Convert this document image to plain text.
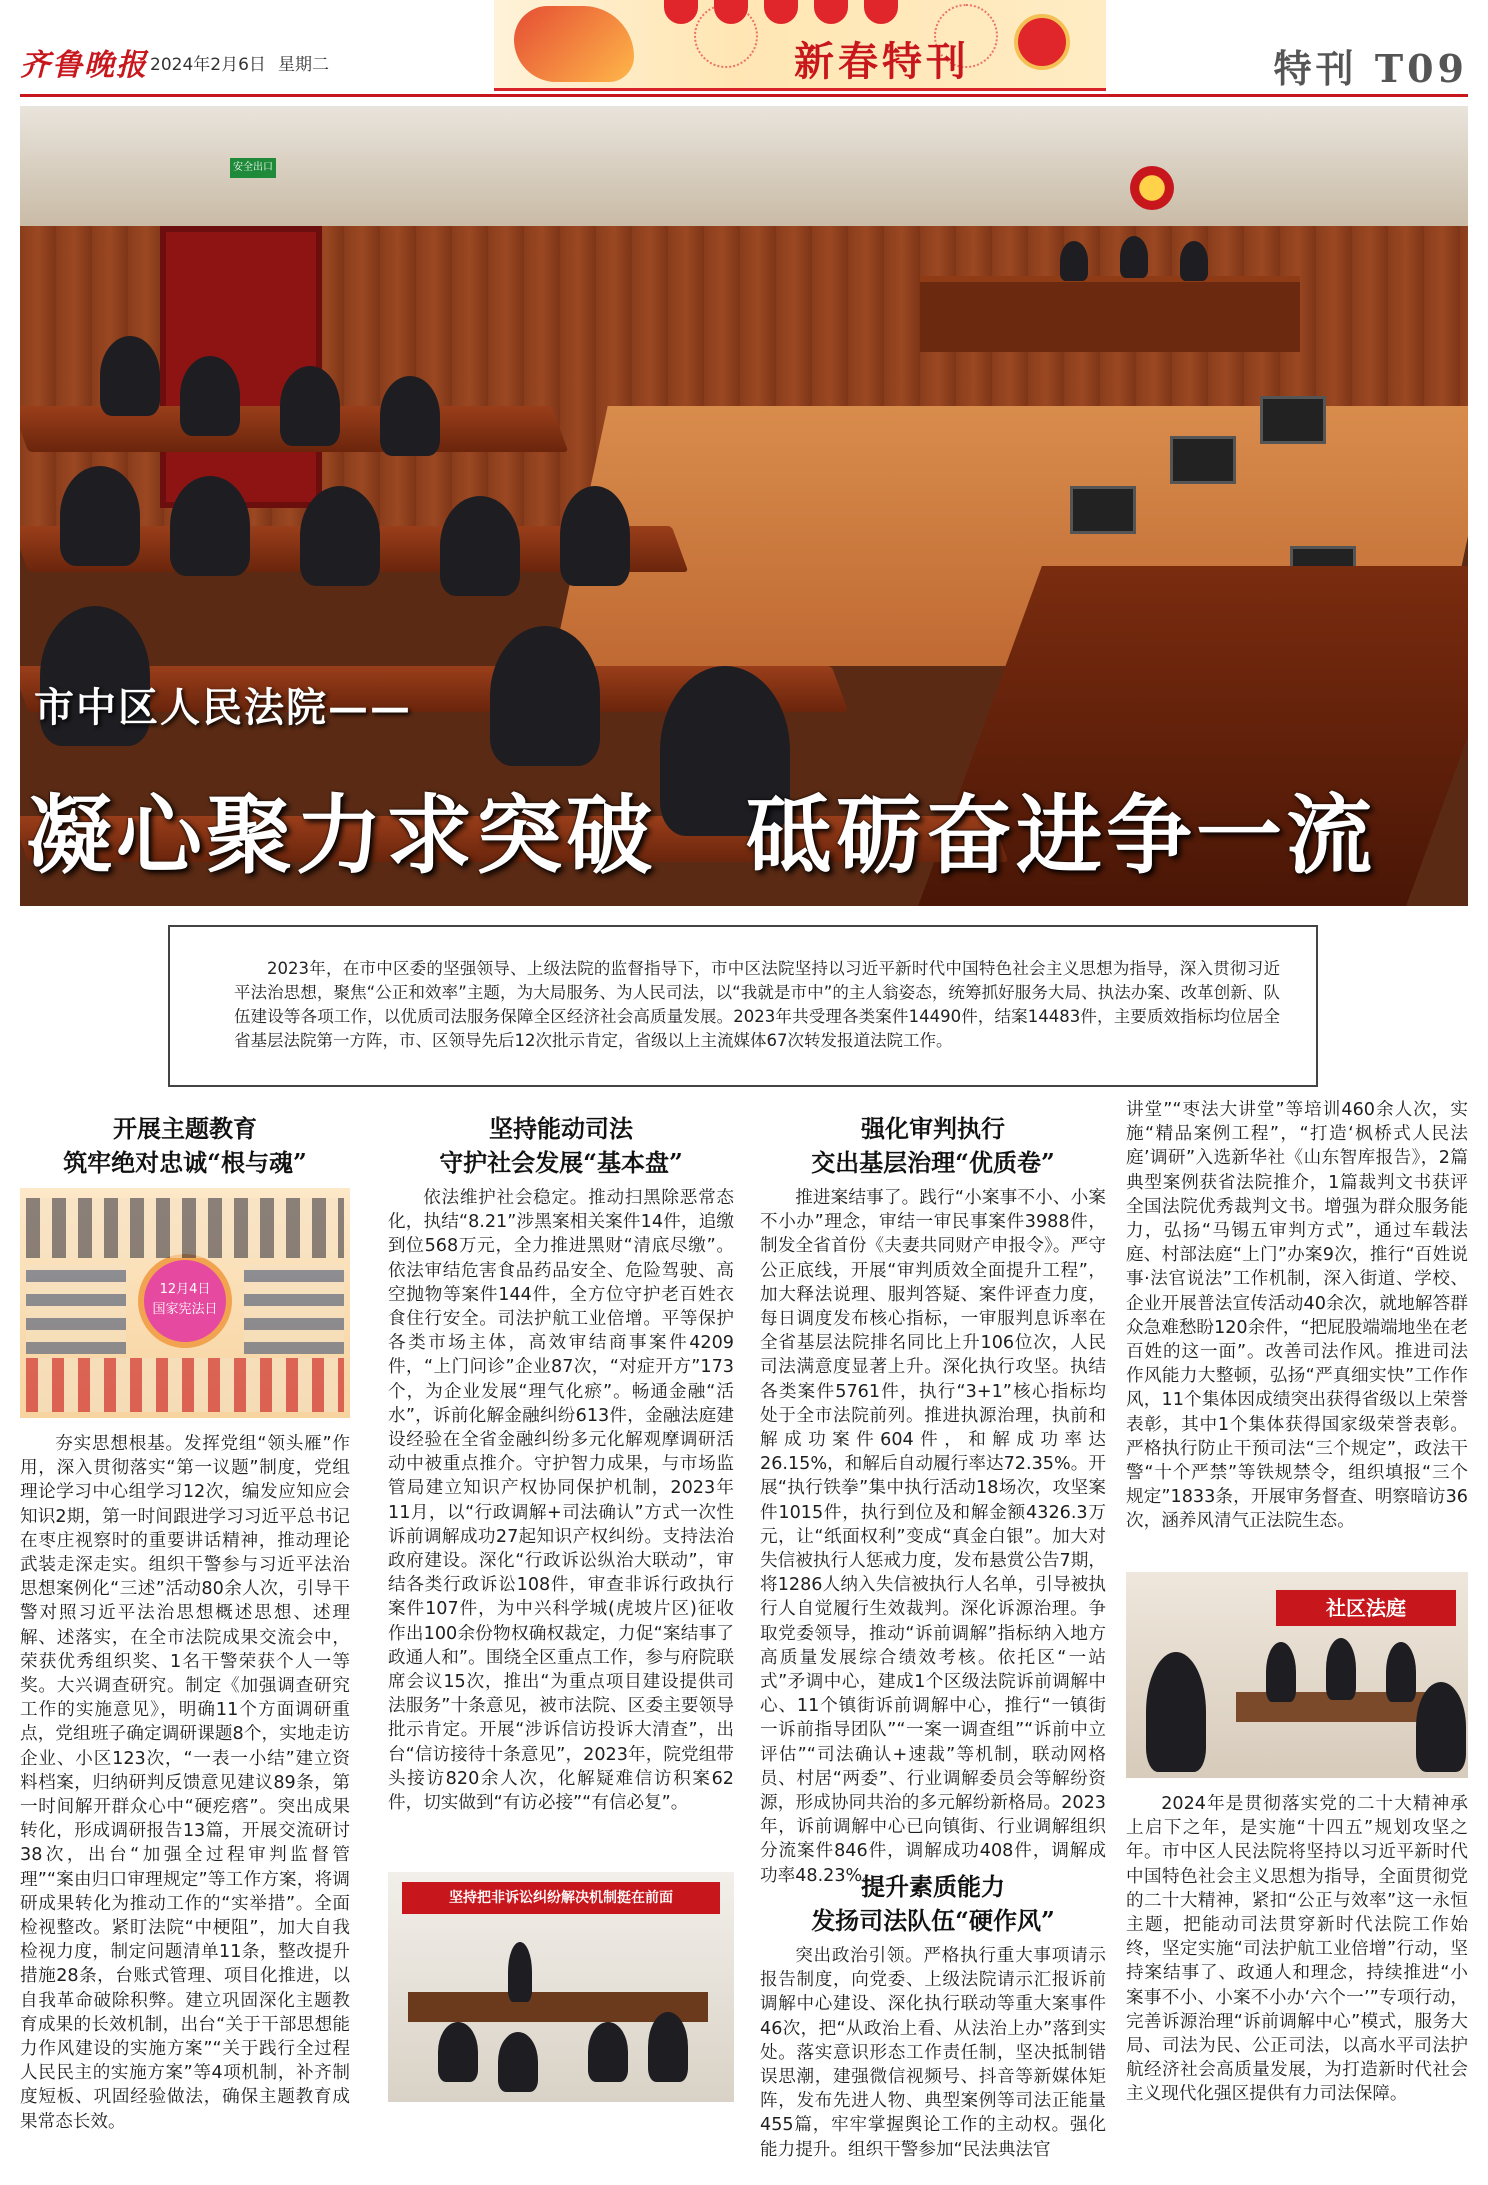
齐鲁晚报 2024年2月6日 星期二	新春特刊	特刊 T09
安全出口
市中区人民法院——
凝心聚力求突破　砥砺奋进争一流
2023年，在市中区委的坚强领导、上级法院的监督指导下，市中区法院坚持以习近平新时代中国特色社会主义思想为指导，深入贯彻习近平法治思想，聚焦“公正和效率”主题，为大局服务、为人民司法，以“我就是市中”的主人翁姿态，统筹抓好服务大局、执法办案、改革创新、队伍建设等各项工作，以优质司法服务保障全区经济社会高质量发展。2023年共受理各类案件14490件，结案14483件，主要质效指标均位居全省基层法院第一方阵，市、区领导先后12次批示肯定，省级以上主流媒体67次转发报道法院工作。
开展主题教育
筑牢绝对忠诚“根与魂”
12月4日
国家宪法日

夯实思想根基。发挥党组“领头雁”作用，深入贯彻落实“第一议题”制度，党组理论学习中心组学习12次，编发应知应会知识2期，第一时间跟进学习习近平总书记在枣庄视察时的重要讲话精神，推动理论武装走深走实。组织干警参与习近平法治思想案例化“三述”活动80余人次，引导干警对照习近平法治思想概述思想、述理解、述落实，在全市法院成果交流会中，荣获优秀组织奖、1名干警荣获个人一等奖。大兴调查研究。制定《加强调查研究工作的实施意见》，明确11个方面调研重点，党组班子确定调研课题8个，实地走访企业、小区123次，“一表一小结”建立资料档案，归纳研判反馈意见建议89条，第一时间解开群众心中“硬疙瘩”。突出成果转化，形成调研报告13篇，开展交流研讨38次，出台“加强全过程审判监督管理”“案由归口审理规定”等工作方案，将调研成果转化为推动工作的“实举措”。全面检视整改。紧盯法院“中梗阻”，加大自我检视力度，制定问题清单11条，整改提升措施28条，台账式管理、项目化推进，以自我革命破除积弊。建立巩固深化主题教育成果的长效机制，出台“关于干部思想能力作风建设的实施方案”“关于践行全过程人民民主的实施方案”等4项机制，补齐制度短板、巩固经验做法，确保主题教育成果常态长效。

坚持能动司法
守护社会发展“基本盘”

依法维护社会稳定。推动扫黑除恶常态化，执结“8.21”涉黑案相关案件14件，追缴到位568万元，全力推进黑财“清底尽缴”。依法审结危害食品药品安全、危险驾驶、高空抛物等案件144件，全方位守护老百姓衣食住行安全。司法护航工业倍增。平等保护各类市场主体，高效审结商事案件4209件，“上门问诊”企业87次，“对症开方”173个，为企业发展“理气化瘀”。畅通金融“活水”，诉前化解金融纠纷613件，金融法庭建设经验在全省金融纠纷多元化解观摩调研活动中被重点推介。守护智力成果，与市场监管局建立知识产权协同保护机制，2023年11月，以“行政调解+司法确认”方式一次性诉前调解成功27起知识产权纠纷。支持法治政府建设。深化“行政诉讼纵治大联动”，审结各类行政诉讼108件，审查非诉行政执行案件107件，为中兴科学城(虎坡片区)征收作出100余份物权确权裁定，力促“案结事了政通人和”。围绕全区重点工作，参与府院联席会议15次，推出“为重点项目建设提供司法服务”十条意见，被市法院、区委主要领导批示肯定。开展“涉诉信访投诉大清查”，出台“信访接待十条意见”，2023年，院党组带头接访820余人次，化解疑难信访积案62件，切实做到“有访必接”“有信必复”。

坚持把非诉讼纠纷解决机制挺在前面
强化审判执行
交出基层治理“优质卷”

推进案结事了。践行“小案事不小、小案不小办”理念，审结一审民事案件3988件，制发全省首份《夫妻共同财产申报令》。严守公正底线，开展“审判质效全面提升工程”，加大释法说理、服判答疑、案件评查力度，每日调度发布核心指标，一审服判息诉率在全省基层法院排名同比上升106位次，人民司法满意度显著上升。深化执行攻坚。执结各类案件5761件，执行“3+1”核心指标均处于全市法院前列。推进执源治理，执前和解成功案件604件，和解成功率达26.15%，和解后自动履行率达72.35%。开展“执行铁拳”集中执行活动18场次，攻坚案件1015件，执行到位及和解金额4326.3万元，让“纸面权利”变成“真金白银”。加大对失信被执行人惩戒力度，发布悬赏公告7期，将1286人纳入失信被执行人名单，引导被执行人自觉履行生效裁判。深化诉源治理。争取党委领导，推动“诉前调解”指标纳入地方高质量发展综合绩效考核。依托区“一站式”矛调中心，建成1个区级法院诉前调解中心、11个镇街诉前调解中心，推行“一镇街一诉前指导团队”“一案一调查组”“诉前中立评估”“司法确认+速裁”等机制，联动网格员、村居“两委”、行业调解委员会等解纷资源，形成协同共治的多元解纷新格局。2023年，诉前调解中心已向镇街、行业调解组织分流案件846件，调解成功408件，调解成功率48.23%。

提升素质能力
发扬司法队伍“硬作风”

突出政治引领。严格执行重大事项请示报告制度，向党委、上级法院请示汇报诉前调解中心建设、深化执行联动等重大案事件46次，把“从政治上看、从法治上办”落到实处。落实意识形态工作责任制，坚决抵制错误思潮，建强微信视频号、抖音等新媒体矩阵，发布先进人物、典型案例等司法正能量455篇，牢牢掌握舆论工作的主动权。强化能力提升。组织干警参加“民法典法官

讲堂”“枣法大讲堂”等培训460余人次，实施“精品案例工程”，“打造‘枫桥式人民法庭’调研”入选新华社《山东智库报告》，2篇典型案例获省法院推介，1篇裁判文书获评全国法院优秀裁判文书。增强为群众服务能力，弘扬“马锡五审判方式”，通过车载法庭、村部法庭“上门”办案9次，推行“百姓说事·法官说法”工作机制，深入街道、学校、企业开展普法宣传活动40余次，就地解答群众急难愁盼120余件，“把屁股端端地坐在老百姓的这一面”。改善司法作风。推进司法作风能力大整顿，弘扬“严真细实快”工作作风，11个集体因成绩突出获得省级以上荣誉表彰，其中1个集体获得国家级荣誉表彰。严格执行防止干预司法“三个规定”，政法干警“十个严禁”等铁规禁令，组织填报“三个规定”1833条，开展审务督查、明察暗访36次，涵养风清气正法院生态。

社区法庭

2024年是贯彻落实党的二十大精神承上启下之年，是实施“十四五”规划攻坚之年。市中区人民法院将坚持以习近平新时代中国特色社会主义思想为指导，全面贯彻党的二十大精神，紧扣“公正与效率”这一永恒主题，把能动司法贯穿新时代法院工作始终，坚定实施“司法护航工业倍增”行动，坚持案结事了、政通人和理念，持续推进“小案事不小、小案不小办‘六个一’”专项行动，完善诉源治理“诉前调解中心”模式，服务大局、司法为民、公正司法，以高水平司法护航经济社会高质量发展，为打造新时代社会主义现代化强区提供有力司法保障。
